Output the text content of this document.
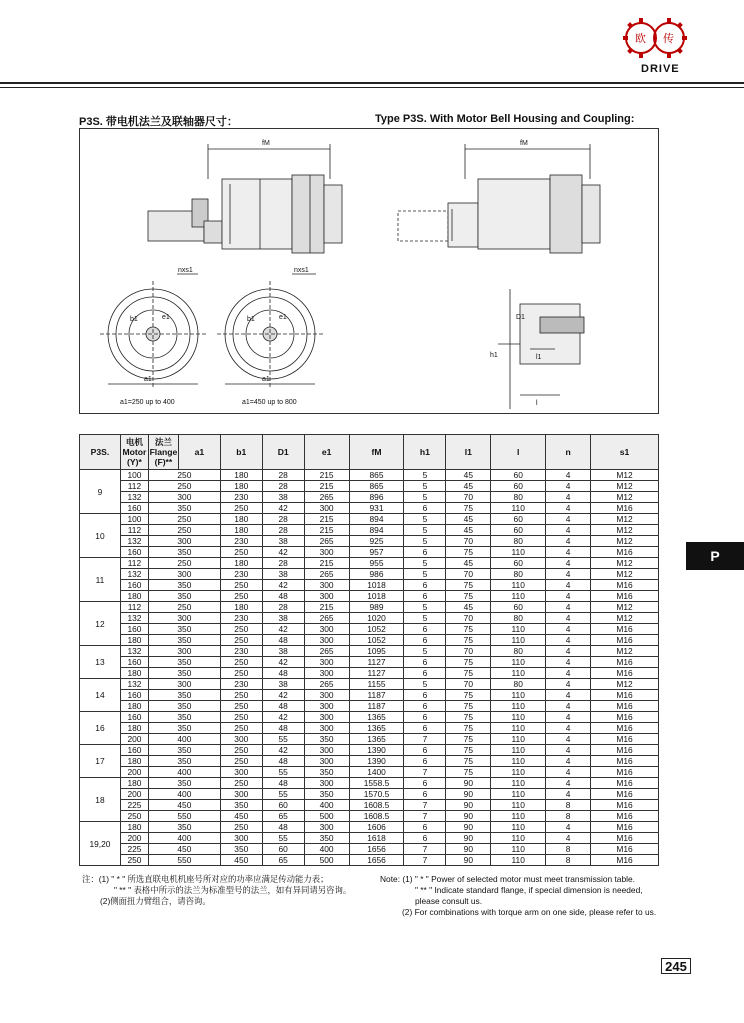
欧 传
DRIVE
P3S. 带电机法兰及联轴器尺寸：	Type P3S. With Motor Bell Housing and Coupling:
fM	fM
nxs1	nxs1
b1	e1	b1	e1
a1	a1
D1
h1	l1
l
a1=250 up to 400	a1=450 up to 800
P3S.	电机
Motor
(Y)*	法兰
Flange
(F)**	a1	b1	D1	e1	fM	h1	l1	l	n	s1
9	100	250		180	28	215	865	5	45	60	4	M12
	112	250		180	28	215	865	5	45	60	4	M12
	132	300		230	38	265	896	5	70	80	4	M12
	160	350		250	42	300	931	6	75	110	4	M16
10	100	250		180	28	215	894	5	45	60	4	M12
	112	250		180	28	215	894	5	45	60	4	M12
	132	300		230	38	265	925	5	70	80	4	M12
	160	350		250	42	300	957	6	75	110	4	M16
11	112	250		180	28	215	955	5	45	60	4	M12
	132	300		230	38	265	986	5	70	80	4	M12
	160	350		250	42	300	1018	6	75	110	4	M16
	180	350		250	48	300	1018	6	75	110	4	M16
12	112	250		180	28	215	989	5	45	60	4	M12
	132	300		230	38	265	1020	5	70	80	4	M12
	160	350		250	42	300	1052	6	75	110	4	M16
	180	350		250	48	300	1052	6	75	110	4	M16
13	132	300		230	38	265	1095	5	70	80	4	M12
	160	350		250	42	300	1127	6	75	110	4	M16
	180	350		250	48	300	1127	6	75	110	4	M16
14	132	300		230	38	265	1155	5	70	80	4	M12
	160	350		250	42	300	1187	6	75	110	4	M16
	180	350		250	48	300	1187	6	75	110	4	M16
16	160	350		250	42	300	1365	6	75	110	4	M16
	180	350		250	48	300	1365	6	75	110	4	M16
	200	400		300	55	350	1365	7	75	110	4	M16
17	160	350		250	42	300	1390	6	75	110	4	M16
	180	350		250	48	300	1390	6	75	110	4	M16
	200	400		300	55	350	1400	7	75	110	4	M16
18	180	350		250	48	300	1558.5	6	90	110	4	M16
	200	400		300	55	350	1570.5	6	90	110	4	M16
	225	450		350	60	400	1608.5	7	90	110	8	M16
	250	550		450	65	500	1608.5	7	90	110	8	M16
19,20	180	350		250	48	300	1606	6	90	110	4	M16
	200	400		300	55	350	1618	6	90	110	4	M16
	225	450		350	60	400	1656	7	90	110	8	M16
	250	550		450	65	500	1656	7	90	110	8	M16
注：(1) " * " 所选直联电机机座号所对应的功率应满足传动能力表；
" ** " 表格中所示的法兰为标准型号的法兰，如有异同请另咨询。
(2)侧面扭力臂组合，请咨询。
Note: (1) " * " Power of selected motor must meet transmission table.
" ** " Indicate standard flange, if special dimension is needed,
please consult us.
(2) For combinations with torque arm on one side, please refer to us.
P
245
